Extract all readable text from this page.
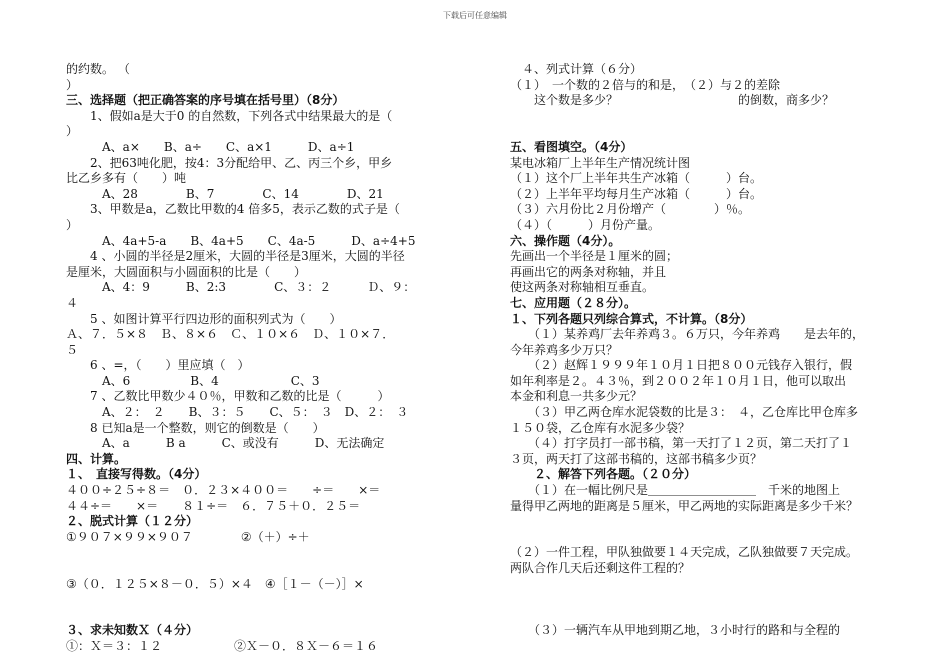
下载后可任意编辑
的约数。 （
）
三、选择题（把正确答案的序号填在括号里）（8分）
　　1、假如a是大于0 的自然数，下列各式中结果最大的是（
）
　　　A、a×　　B、a÷　　C、a×1　　　D、a÷1
　　2、把63吨化肥，按4：3分配给甲、乙、丙三个乡，甲乡
比乙乡多有（　　）吨
　　　A、28　　　　B、7　　　　C、14　　　　D、21
　　3、甲数是a，乙数比甲数的4 倍多5，表示乙数的式子是（
）
　　　A、4a+5-a　　B、4a+5　　C、4a-5　　　D、a÷4+5
　　4 、小圆的半径是2厘米，大圆的半径是3厘米，大圆的半径
是厘米，大圆面积与小圆面积的比是（　　）
　　　A、4：9　　　B、2:3　　　　C、３：２　　　Ｄ、９：
４
　　5 、如图计算平行四边形的面积列式为（　　）
Ａ、７．５×８　Ｂ、８×６　Ｃ、１０×６　Ｄ、１０×７．
５
　　6 、=，（　　）里应填（　）
　　　A、6　　　　　B、4　　　　　　C、3
　　7 、乙数比甲数少４０％，甲数和乙数的比是（　　　）
　　　A、２：　２　　B、３：５　　C、５：　３　D、２：　３
　　8 已知a是一个整数，则它的倒数是（　　）
　　　A、a　　　B a　　　C、或没有　　　D、无法确定
四、计算。
１、　直接写得数。（4分）
４００÷２５÷８＝　０．２３×４００＝　　÷＝　　×＝
４４÷＝　　×＝　　８１÷＝　６．７５＋０．２５＝
２、脱式计算（１２分）
①９０７×９９×９０７　　　　②（＋）÷＋
③（０．１２５×８－０．５）×４　④［１－（－）］×
３、求未知数Ｘ（４分）
①：Ｘ＝３：１２　　　　　　②Ｘ－０．８Ｘ－６＝１６
　４、列式计算（６分）
（１）　一个数的２倍与的和是，　（２）与２的差除
　　这个数是多少？　　　　　　　　　　的倒数，商多少？
五、看图填空。（4分）
某电冰箱厂上半年生产情况统计图
（１）这个厂上半年共生产冰箱（　　　）台。
（２）上半年平均每月生产冰箱（　　　）台。
（３）六月份比２月份增产（　　　　）％。
（４）（　　　）月份产量。
六、操作题（4分）。
先画出一个半径是１厘米的圆；
再画出它的两条对称轴，并且
使这两条对称轴相互垂直。
七、应用题（２８分）。
１、下列各题只列综合算式，不计算。（8分）
　　（１）某养鸡厂去年养鸡３。６万只，今年养鸡　　是去年的，
今年养鸡多少万只？
　　（２）赵辉１９９９年１０月１日把８００元钱存入银行，假
如年利率是２。４３％，到２００２年１０月１日，他可以取出
本金和利息一共多少元？
　　（３）甲乙两仓库水泥袋数的比是３：　４，乙仓库比甲仓库多
１５０袋，乙仓库有水泥多少袋？
　　（４）打字员打一部书稿，第一天打了１２页，第二天打了１
３页，两天打了这部书稿的，这部书稿多少页？
　　２、解答下列各题。（２０分）
　　（１）在一幅比例尺是＿＿＿＿＿＿＿＿＿　千米的地图上
量得甲乙两地的距离是５厘米，甲乙两地的实际距离是多少千米？
（２）一件工程，甲队独做要１４天完成，乙队独做要７天完成。
两队合作几天后还剩这件工程的？
　　（３）一辆汽车从甲地到期乙地，３小时行的路和与全程的
